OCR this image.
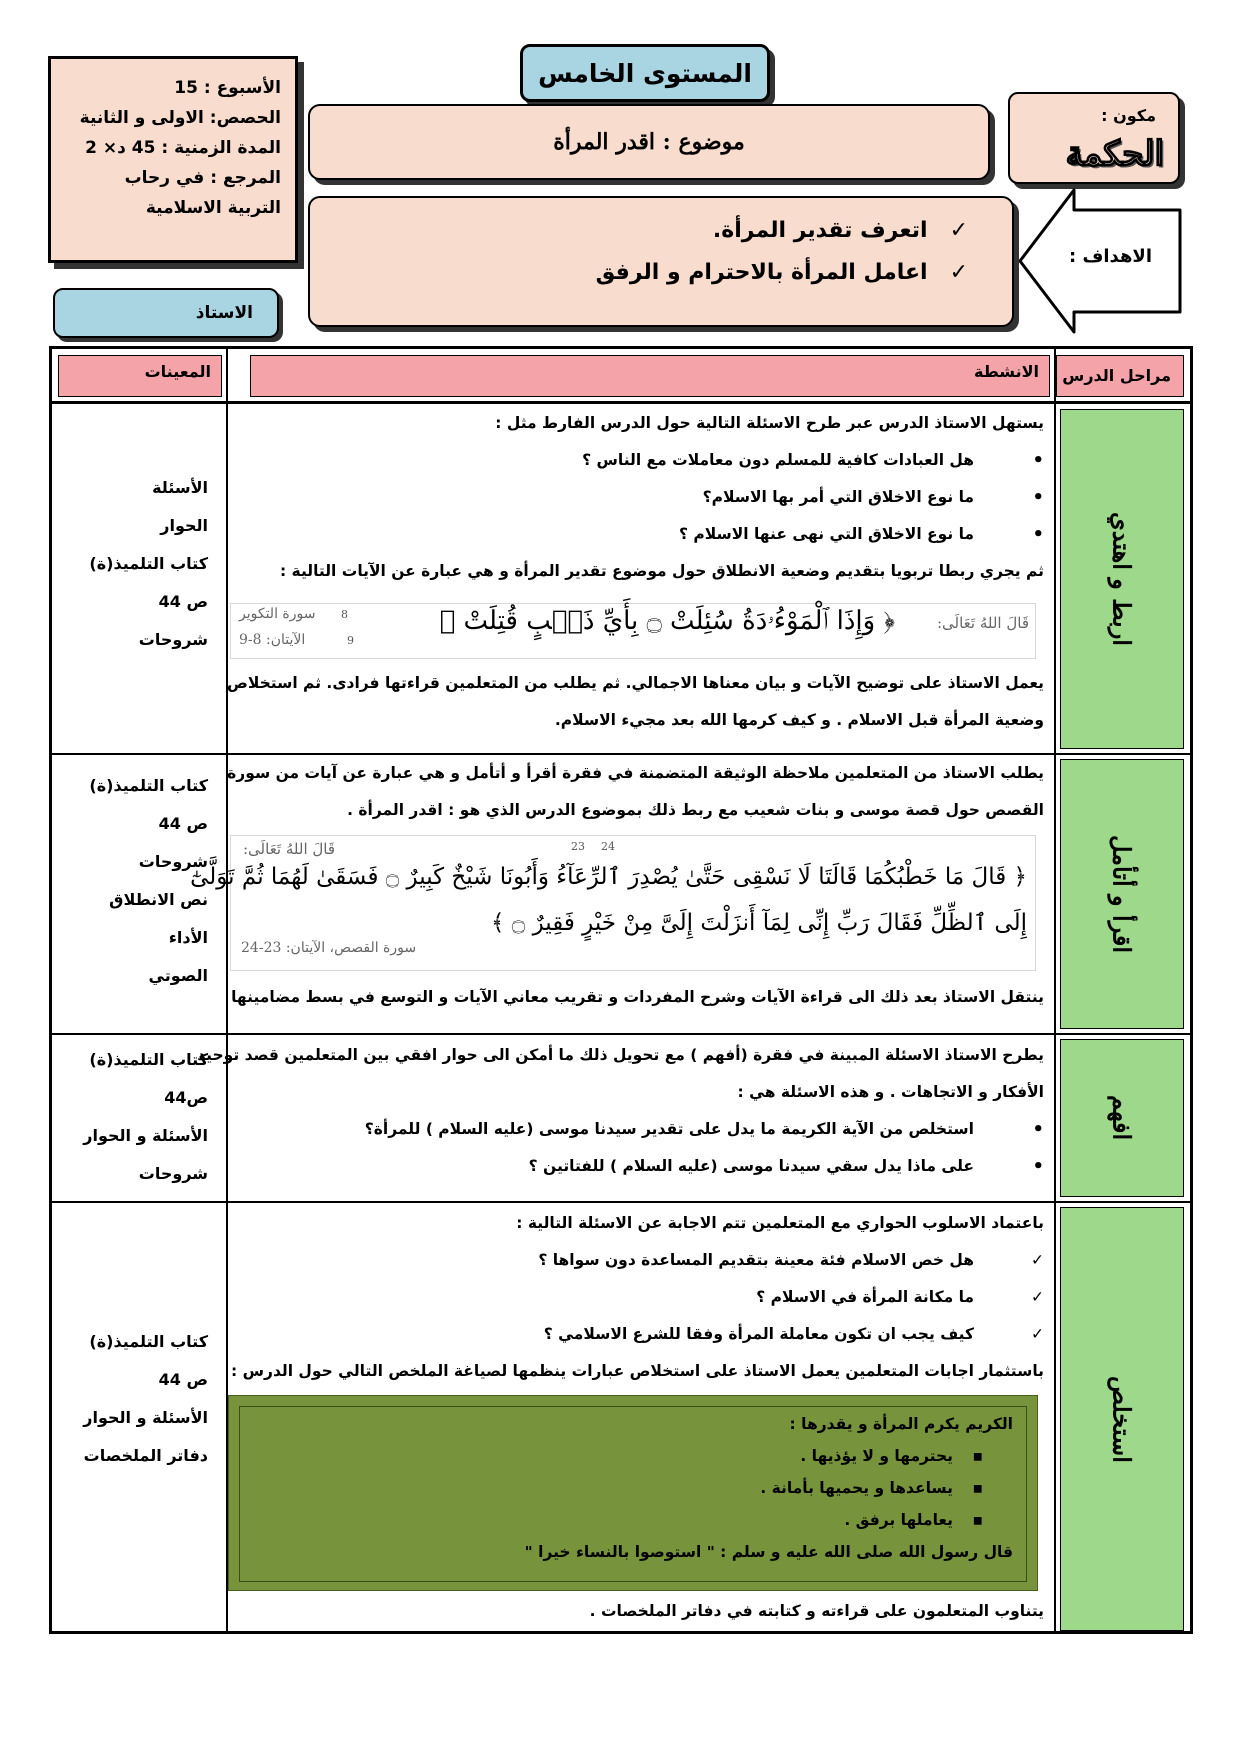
المستوى الخامس
الأسبوع : 15
الحصص: الاولى و الثانية
المدة الزمنية : 45 د× 2
المرجع : في رحاب
التربية الاسلامية
الاستاذ
مكون :
الحكمة
موضوع : اقدر المرأة
الاهداف :
✓اتعرف تقدير المرأة.
✓اعامل المرأة بالاحترام و الرفق
مراحل الدرس
الانشطة
المعينات
اربط و اهتدي
اقرأ و أتأمل
افهم
استخلص
الأسئلة
الحوار
كتاب التلميذ(ة)
ص 44
شروحات
كتاب التلميذ(ة)
ص 44
شروحات
نص الانطلاق
الأداء
الصوتي
كتاب التلميذ(ة)
ص44
الأسئلة و الحوار
شروحات
كتاب التلميذ(ة)
ص 44
الأسئلة و الحوار
دفاتر الملخصات
يستهل الاستاذ الدرس عبر طرح الاسئلة التالية حول الدرس الفارط مثل :
• هل العبادات كافية للمسلم دون معاملات مع الناس ؟
• ما نوع الاخلاق التي أمر بها الاسلام؟
• ما نوع الاخلاق التي نهى عنها الاسلام ؟
ثم يجري ربطا تربويا بتقديم وضعية الانطلاق حول موضوع تقدير المرأة و هي عبارة عن الآيات التالية :
قَالَ اللهُ تَعَالَى:
﴿ وَإِذَا ٱلْمَوْءُۥدَةُ سُئِلَتْ ۝ بِأَيِّ ذَنۢبٍ قُتِلَتْ ﴾
8
9
سورة التكوير
الآيتان: 8-9
يعمل الاستاذ على توضيح الآيات و بيان معناها الاجمالي. ثم يطلب من المتعلمين قراءتها فرادى. ثم استخلاص
وضعية المرأة قبل الاسلام . و كيف كرمها الله بعد مجيء الاسلام.
يطلب الاستاذ من المتعلمين ملاحظة الوثيقة المتضمنة في فقرة أقرأ و أتأمل و هي عبارة عن آيات من سورة
القصص حول قصة موسى و بنات شعيب مع ربط ذلك بموضوع الدرس الذي هو : اقدر المرأة .
قَالَ اللهُ تَعَالَى:
﴿ قَالَ مَا خَطْبُكُمَا قَالَتَا لَا نَسْقِى حَتَّىٰ يُصْدِرَ ٱلرِّعَآءُ وَأَبُونَا شَيْخٌ كَبِيرٌ ۝ فَسَقَىٰ لَهُمَا ثُمَّ تَوَلَّىٰٓ
إِلَى ٱلظِّلِّ فَقَالَ رَبِّ إِنِّى لِمَآ أَنزَلْتَ إِلَىَّ مِنْ خَيْرٍ فَقِيرٌ ۝ ﴾
23 24
سورة القصص، الآيتان: 23-24
ينتقل الاستاذ بعد ذلك الى قراءة الآيات وشرح المفردات و تقريب معاني الآيات و التوسع في بسط مضامينها
يطرح الاستاذ الاسئلة المبينة في فقرة (أفهم ) مع تحويل ذلك ما أمكن الى حوار افقي بين المتعلمين قصد توحيد
الأفكار و الاتجاهات . و هذه الاسئلة هي :
• استخلص من الآية الكريمة ما يدل على تقدير سيدنا موسى (عليه السلام ) للمرأة؟
• على ماذا يدل سقي سيدنا موسى (عليه السلام ) للفتاتين ؟
باعتماد الاسلوب الحواري مع المتعلمين تتم الاجابة عن الاسئلة التالية :
✓ هل خص الاسلام فئة معينة بتقديم المساعدة دون سواها ؟
✓ ما مكانة المرأة في الاسلام ؟
✓ كيف يجب ان تكون معاملة المرأة وفقا للشرع الاسلامي ؟
باستثمار اجابات المتعلمين يعمل الاستاذ على استخلاص عبارات ينظمها لصياغة الملخص التالي حول الدرس :
الكريم يكرم المرأة و يقدرها :
▪ يحترمها و لا يؤذيها .
▪ يساعدها و يحميها بأمانة .
▪ يعاملها برفق .
قال رسول الله صلى الله عليه و سلم : " استوصوا بالنساء خيرا "
يتناوب المتعلمون على قراءته و كتابته في دفاتر الملخصات .
